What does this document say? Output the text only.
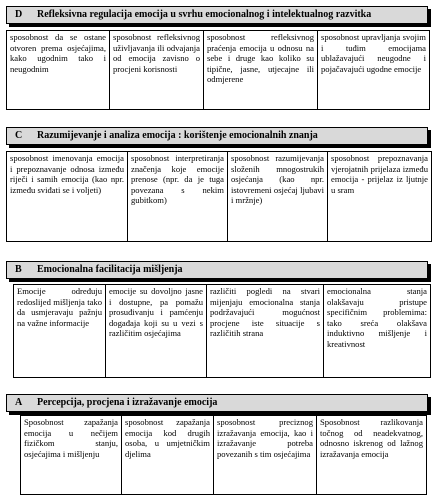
D Refleksivna regulacija emocija u svrhu emocionalnog i intelektualnog razvitka
sposobnost da se ostane otvoren prema osjećajima, kako ugodnim tako i neugodnim
sposobnost refleksivnog uživljavanja ili odvajanja od emocija zavisno o procjeni korisnosti
sposobnost refleksivnog praćenja emocija u odnosu na sebe i druge kao koliko su tipične, jasne, utjecajne ili odmjerene
sposobnost upravljanja svojim i tuđim emocijama ublažavajući neugodne i pojačavajući ugodne emocije
C Razumijevanje i analiza emocija : korištenje emocionalnih znanja
sposobnost imenovanja emocija i prepoznavanje odnosa između riječi i samih emocija (kao npr. između sviđati se i voljeti)
sposobnost interpretiranja značenja koje emocije prenose (npr. da je tuga povezana s nekim gubitkom)
sposobnost razumijevanja složenih mnogostrukih osjećanja (kao npr. istovremeni osjećaj ljubavi i mržnje)
sposobnost prepoznavanja vjerojatnih prijelaza između emocija - prijelaz iz ljutnje u sram
B Emocionalna facilitacija mišljenja
Emocije određuju redoslijed mišljenja tako da usmjeravaju pažnju na važne informacije
emocije su dovoljno jasne i dostupne, pa pomažu prosuđivanju i pamćenju događaja koji su u vezi s različitim osjećajima
različiti pogledi na stvari mijenjaju emocionalna stanja podržavajući mogućnost procjene iste situacije s različitih strana
emocionalna stanja olakšavaju pristupe specifičnim problemima: tako sreća olakšava induktivno mišljenje i kreativnost
A Percepcija, procjena i izražavanje emocija
Sposobnost zapažanja emocija u nečijem fizičkom stanju, osjećajima i mišljenju
sposobnost zapažanja emocija kod drugih osoba, u umjetničkim djelima
sposobnost preciznog izražavanja emocija, kao i izražavanje potreba povezanih s tim osjećajima
Sposobnost razlikovanja točnog od neadekvatnog, odnosno iskrenog od lažnog izražavanja emocija
